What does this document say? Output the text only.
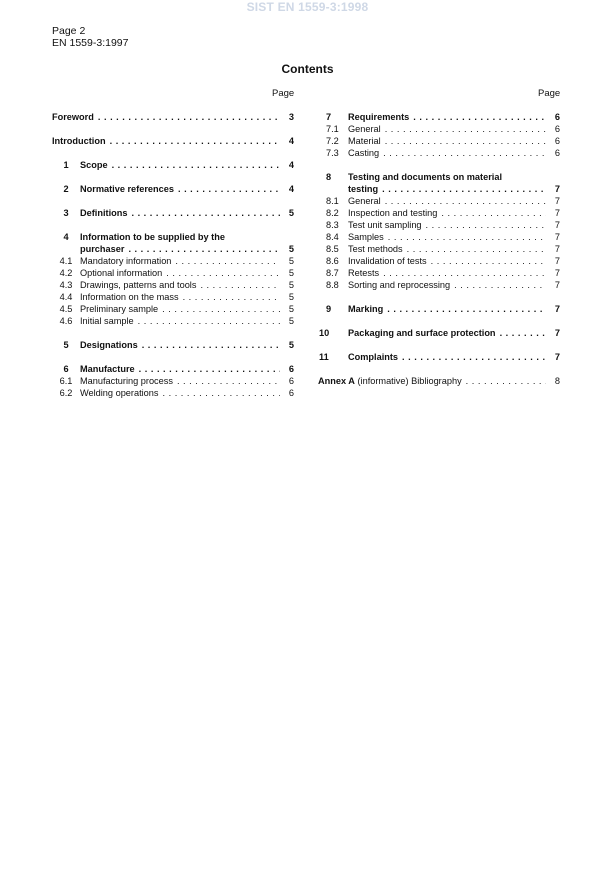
SIST EN 1559-3:1998
Page 2
EN 1559-3:1997
Contents
Page	Page
Foreword . . .	3
Introduction . . .	4
1	Scope . . .	4
2	Normative references . . .	4
3	Definitions . . .	5
4	Information to be supplied by the
purchaser . . .	5
4.1 Mandatory information . . .	5
4.2 Optional information . . .	5
4.3 Drawings, patterns and tools . . .	5
4.4 Information on the mass . . .	5
4.5 Preliminary sample . . .	5
4.6 Initial sample . . .	5
5	Designations . . .	5
6	Manufacture . . .	6
6.1 Manufacturing process . . .	6
6.2 Welding operations . . .	6
7	Requirements . . .	6
7.1	General . . .	6
7.2	Material . . .	6
7.3	Casting . . .	6
8	Testing and documents on material
testing . . .	7
8.1	General . . .	7
8.2	Inspection and testing . . .	7
8.3	Test unit sampling . . .	7
8.4	Samples . . .	7
8.5	Test methods . . .	7
8.6	Invalidation of tests . . .	7
8.7	Retests . . .	7
8.8	Sorting and reprocessing . . .	7
9	Marking . . .	7
10	Packaging and surface protection . . .	7
11	Complaints . . .	7
Annex A (informative) Bibliography . . .	8
